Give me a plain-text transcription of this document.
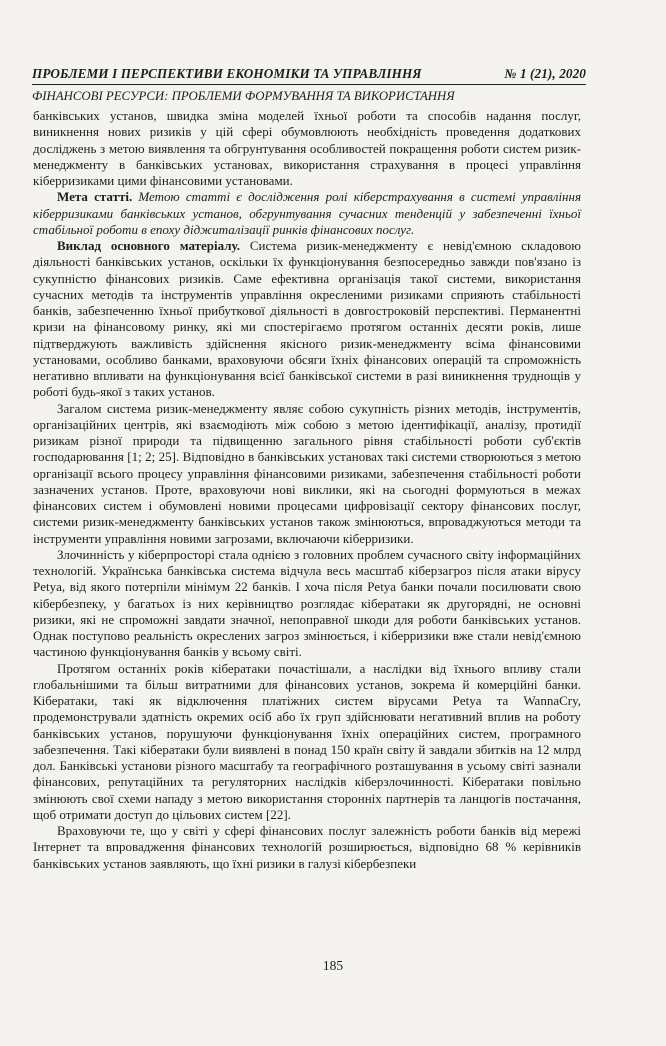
ПРОБЛЕМИ І ПЕРСПЕКТИВИ ЕКОНОМІКИ ТА УПРАВЛІННЯ	№ 1 (21), 2020
ФІНАНСОВІ РЕСУРСИ: ПРОБЛЕМИ ФОРМУВАННЯ ТА ВИКОРИСТАННЯ

банківських установ, швидка зміна моделей їхньої роботи та способів надання послуг, виникнення нових ризиків у цій сфері обумовлюють необхідність проведення додаткових досліджень з метою виявлення та обгрунтування особливостей покращення роботи систем ризик-менеджменту в банківських установах, використання страхування в процесі управління кіберризиками цими фінансовими установами.

Мета статті. Метою статті є дослідження ролі кіберстрахування в системі управління кіберризиками банківських установ, обгрунтування сучасних тенденцій у забезпеченні їхньої стабільної роботи в епоху діджиталізації ринків фінансових послуг.

Виклад основного матеріалу. Система ризик-менеджменту є невід'ємною складовою діяльності банківських установ, оскільки їх функціонування безпосередньо завжди пов'язано із сукупністю фінансових ризиків. Саме ефективна організація такої системи, використання сучасних методів та інструментів управління окресленими ризиками сприяють стабільності банків, забезпеченню їхньої прибуткової діяльності в довгостроковій перспективі. Перманентні кризи на фінансовому ринку, які ми спостерігаємо протягом останніх десяти років, лише підтверджують важливість здійснення якісного ризик-менеджменту всіма фінансовими установами, особливо банками, враховуючи обсяги їхніх фінансових операцій та спроможність негативно впливати на функціонування всієї банківської системи в разі виникнення труднощів у роботі будь-якої з таких установ.

Загалом система ризик-менеджменту являє собою сукупність різних методів, інструментів, організаційних центрів, які взаємодіють між собою з метою ідентифікації, аналізу, протидії ризикам різної природи та підвищенню загального рівня стабільності роботи суб'єктів господарювання [1; 2; 25]. Відповідно в банківських установах такі системи створюються з метою організації всього процесу управління фінансовими ризиками, забезпечення стабільності роботи зазначених установ. Проте, враховуючи нові виклики, які на сьогодні формуються в межах фінансових систем і обумовлені новими процесами цифровізації сектору фінансових послуг, системи ризик-менеджменту банківських установ також змінюються, впроваджуються методи та інструменти управління новими загрозами, включаючи кіберризики.

Злочинність у кіберпросторі стала однією з головних проблем сучасного світу інформаційних технологій. Українська банківська система відчула весь масштаб кіберзагроз після атаки вірусу Petya, від якого потерпіли мінімум 22 банків. І хоча після Petya банки почали посилювати свою кібербезпеку, у багатьох із них керівництво розглядає кібератаки як другорядні, не основні ризики, які не спроможні завдати значної, непоправної шкоди для роботи банківських установ. Однак поступово реальність окреслених загроз змінюється, і кіберризики вже стали невід'ємною частиною функціонування банків у всьому світі.

Протягом останніх років кібератаки почастішали, а наслідки від їхнього впливу стали глобальнішими та більш витратними для фінансових установ, зокрема й комерційні банки. Кібератаки, такі як відключення платіжних систем вірусами Petya та WannaCry, продемонстрували здатність окремих осіб або їх груп здійснювати негативний вплив на роботу банківських установ, порушуючи функціонування їхніх операційних систем, програмного забезпечення. Такі кібератаки були виявлені в понад 150 країн світу й завдали збитків на 12 млрд дол. Банківські установи різного масштабу та географічного розташування в усьому світі зазнали фінансових, репутаційних та регуляторних наслідків кіберзлочинності. Кібератаки повільно змінюють свої схеми нападу з метою використання сторонніх партнерів та ланцюгів постачання, щоб отримати доступ до цільових систем [22].

Враховуючи те, що у світі у сфері фінансових послуг залежність роботи банків від мережі Інтернет та впровадження фінансових технологій розширюється, відповідно 68 % керівників банківських установ заявляють, що їхні ризики в галузі кібербезпеки

185
